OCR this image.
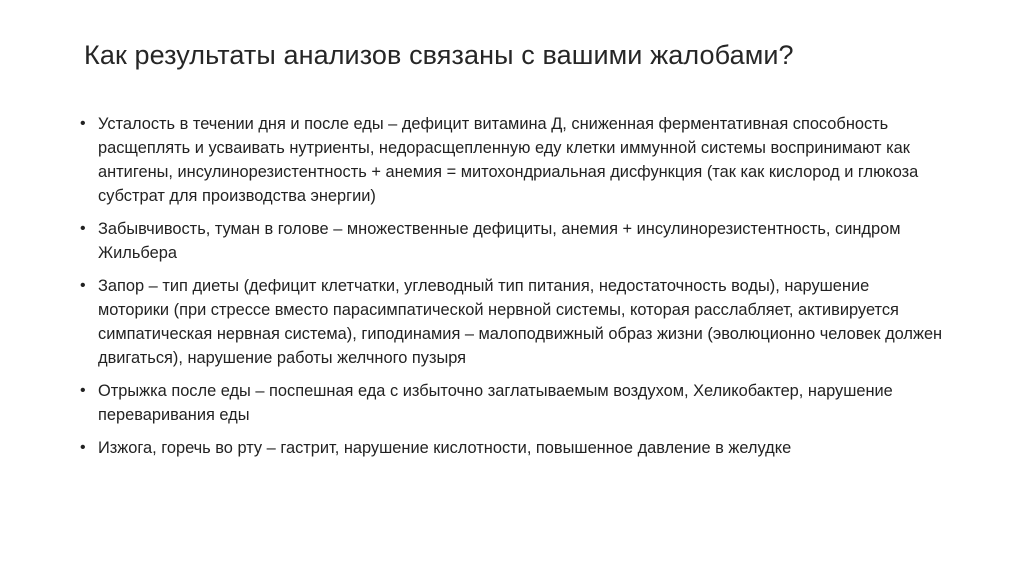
Как результаты анализов связаны с вашими жалобами?
• Усталость в течении дня и после еды – дефицит витамина Д, сниженная ферментативная способность расщеплять и усваивать нутриенты, недорасщепленную еду клетки иммунной системы воспринимают как антигены, инсулинорезистентность + анемия = митохондриальная дисфункция (так как кислород и глюкоза субстрат для производства энергии)
• Забывчивость, туман в голове – множественные дефициты, анемия + инсулинорезистентность, синдром Жильбера
• Запор – тип диеты (дефицит клетчатки, углеводный тип питания, недостаточность воды), нарушение моторики (при стрессе вместо парасимпатической нервной системы, которая расслабляет, активируется симпатическая нервная система), гиподинамия – малоподвижный образ жизни (эволюционно человек должен двигаться), нарушение работы желчного пузыря
• Отрыжка после еды – поспешная еда с избыточно заглатываемым воздухом, Хеликобактер, нарушение переваривания еды
• Изжога, горечь во рту – гастрит, нарушение кислотности, повышенное давление в желудке
